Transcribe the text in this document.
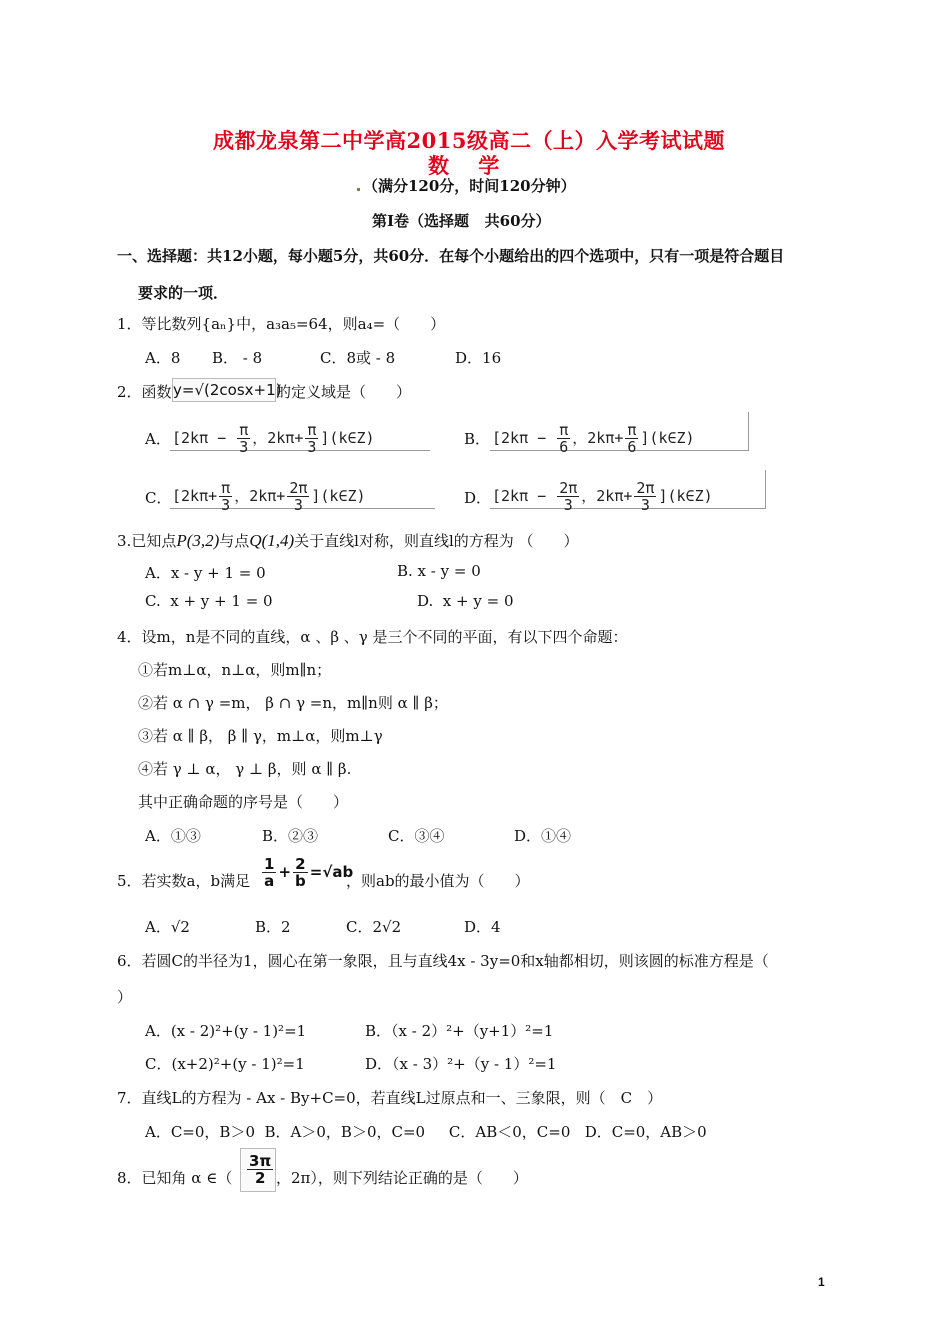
成都龙泉第二中学高2015级高二（上）入学考试试题
数    学
（满分120分，时间120分钟）
第Ⅰ卷（选择题   共60分）
一、选择题：共12小题，每小题5分，共60分．在每个小题给出的四个选项中，只有一项是符合题目
要求的一项．
1．等比数列{aₙ}中，a₃a₅=64，则a₄=（　　）
A．8 B． ‑ 8	C．8或 ‑ 8	D．16
2．函数 y=√(2cosx+1)
的定义域是（　　）
A． [$2k\pi - \frac{\pi}{3}$ ，$2k\pi+ \frac{\pi}{3}$ ](k∈Z)	B． [$2k\pi - \frac{\pi}{6}$ ，$2k\pi+ \frac{\pi}{6}$ ](k∈Z)
C． [$2k\pi+ \frac{\pi}{3}$ ，$2k\pi+ \frac{2\pi}{3}$ ](k∈Z)	D． [$2k\pi - \frac{2\pi}{3}$ ，$2k\pi+ \frac{2\pi}{3}$ ](k∈Z)
3.已知点P(3,2)与点Q(1,4)关于直线l对称，则直线l的方程为 （　　）
A．x ‑ y + 1 = 0	B. x ‑ y = 0
C.  x + y + 1 = 0	D.  x + y = 0
4．设m，n是不同的直线，α 、β 、γ 是三个不同的平面，有以下四个命题：
①若m⊥α，n⊥α，则m∥n；
②若 α ∩ γ =m， β ∩ γ =n，m∥n则 α ∥ β；
③若 α ∥ β， β ∥ γ，m⊥α，则m⊥γ
④若 γ ⊥ α， γ ⊥ β，则 α ∥ β.
其中正确命题的序号是（　　）
A．①③	B．②③	C．③④	D．①④
5．若实数a，b满足 $\frac{1}{a} + \frac{2}{b} =√ab$
，则ab的最小值为（　　）
A．√2	B．2	C．2√2	D．4
6．若圆C的半径为1，圆心在第一象限，且与直线4x ‑ 3y=0和x轴都相切，则该圆的标准方程是（
）
A．(x ‑ 2)²+(y ‑ 1)²=1	B．（x ‑ 2）²+（y+1）²=1
C．(x+2)²+(y ‑ 1)²=1	D．（x ‑ 3）²+（y ‑ 1）²=1
7．直线L的方程为 ‑ Ax ‑ By+C=0，若直线L过原点和一、三象限，则（　C　）
A．C=0，B＞0  B．A＞0，B＞0，C=0     C．AB＜0，C=0   D．C=0，AB＞0
8．已知角 α ∈（ $\frac{3\pi}{2}$ ，2π），则下列结论正确的是（　　）
1
